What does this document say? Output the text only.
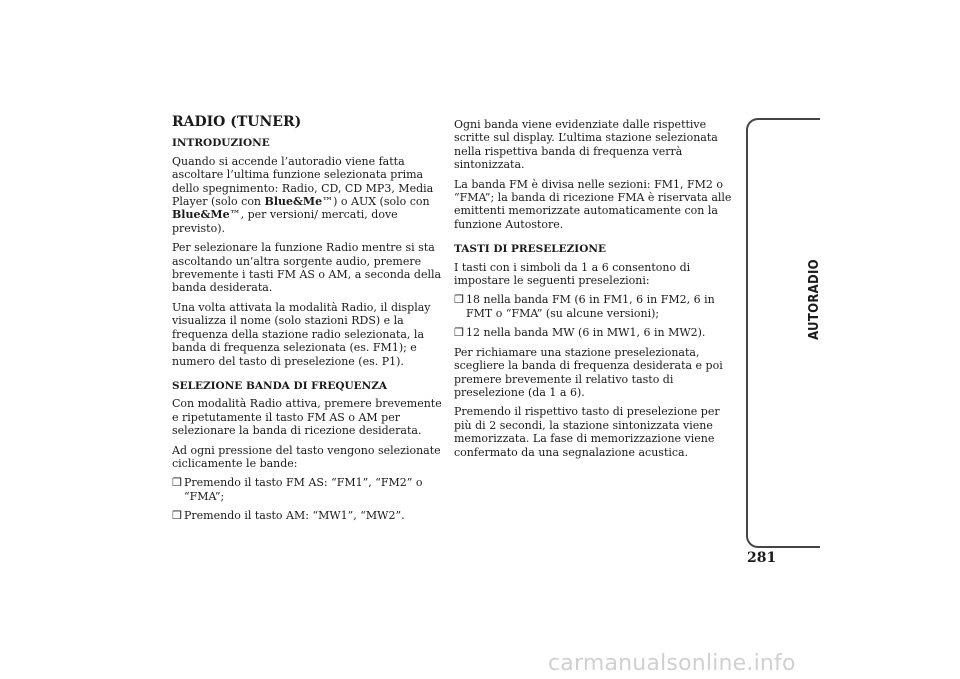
RADIO (TUNER)
INTRODUZIONE

Quando si accende l’autoradio viene fatta ascoltare l’ultima funzione selezionata prima dello spegnimento: Radio, CD, CD MP3, Media Player (solo con Blue&Me™) o AUX (solo con Blue&Me™, per versioni/ mercati, dove previsto).

Per selezionare la funzione Radio mentre si sta ascoltando un’altra sorgente audio, premere brevemente i tasti FM AS o AM, a seconda della banda desiderata.

Una volta attivata la modalità Radio, il display visualizza il nome (solo stazioni RDS) e la frequenza della stazione radio selezionata, la banda di frequenza selezionata (es. FM1); e numero del tasto di preselezione (es. P1).

SELEZIONE BANDA DI FREQUENZA

Con modalità Radio attiva, premere brevemente e ripetutamente il tasto FM AS o AM per selezionare la banda di ricezione desiderata.

Ad ogni pressione del tasto vengono selezionate ciclicamente le bande:

❒ Premendo il tasto FM AS: “FM1”, “FM2” o “FMA”;
❒ Premendo il tasto AM: “MW1”, “MW2”.

Ogni banda viene evidenziate dalle rispettive scritte sul display. L’ultima stazione selezionata nella rispettiva banda di frequenza verrà sintonizzata.

La banda FM è divisa nelle sezioni: FM1, FM2 o “FMA”; la banda di ricezione FMA è riservata alle emittenti memorizzate automaticamente con la funzione Autostore.

TASTI DI PRESELEZIONE

I tasti con i simboli da 1 a 6 consentono di impostare le seguenti preselezioni:

❒ 18 nella banda FM (6 in FM1, 6 in FM2, 6 in FMT o “FMA” (su alcune versioni);
❒ 12 nella banda MW (6 in MW1, 6 in MW2).

Per richiamare una stazione preselezionata, scegliere la banda di frequenza desiderata e poi premere brevemente il relativo tasto di preselezione (da 1 a 6).

Premendo il rispettivo tasto di preselezione per più di 2 secondi, la stazione sintonizzata viene memorizzata. La fase di memorizzazione viene confermato da una segnalazione acustica.

AUTORADIO
281
carmanualsonline.info
